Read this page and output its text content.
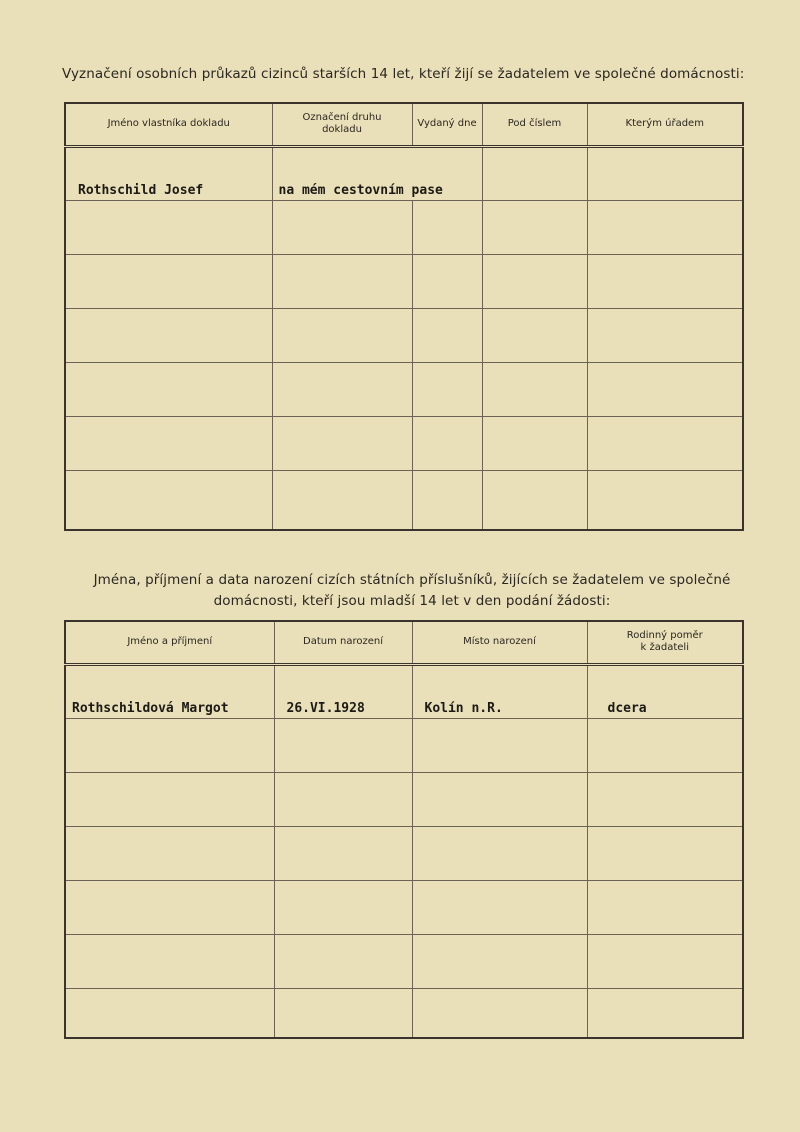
Vyznačení osobních průkazů cizinců starších 14 let, kteří žijí se žadatelem ve společné domácnosti:
Jméno vlastníka dokladu	Označení druhu dokladu	Vydaný dne	Pod číslem	Kterým úřadem
Rothschild Josef	na mém cestovním pase			

Jména, příjmení a data narození cizích státních příslušníků, žijících se žadatelem ve společné domácnosti, kteří jsou mladší 14 let v den podání žádosti:
Jméno a příjmení	Datum narození	Místo narození	Rodinný poměr k žadateli
Rothschildová Margot	26.VI.1928	Kolín n.R.	dcera
